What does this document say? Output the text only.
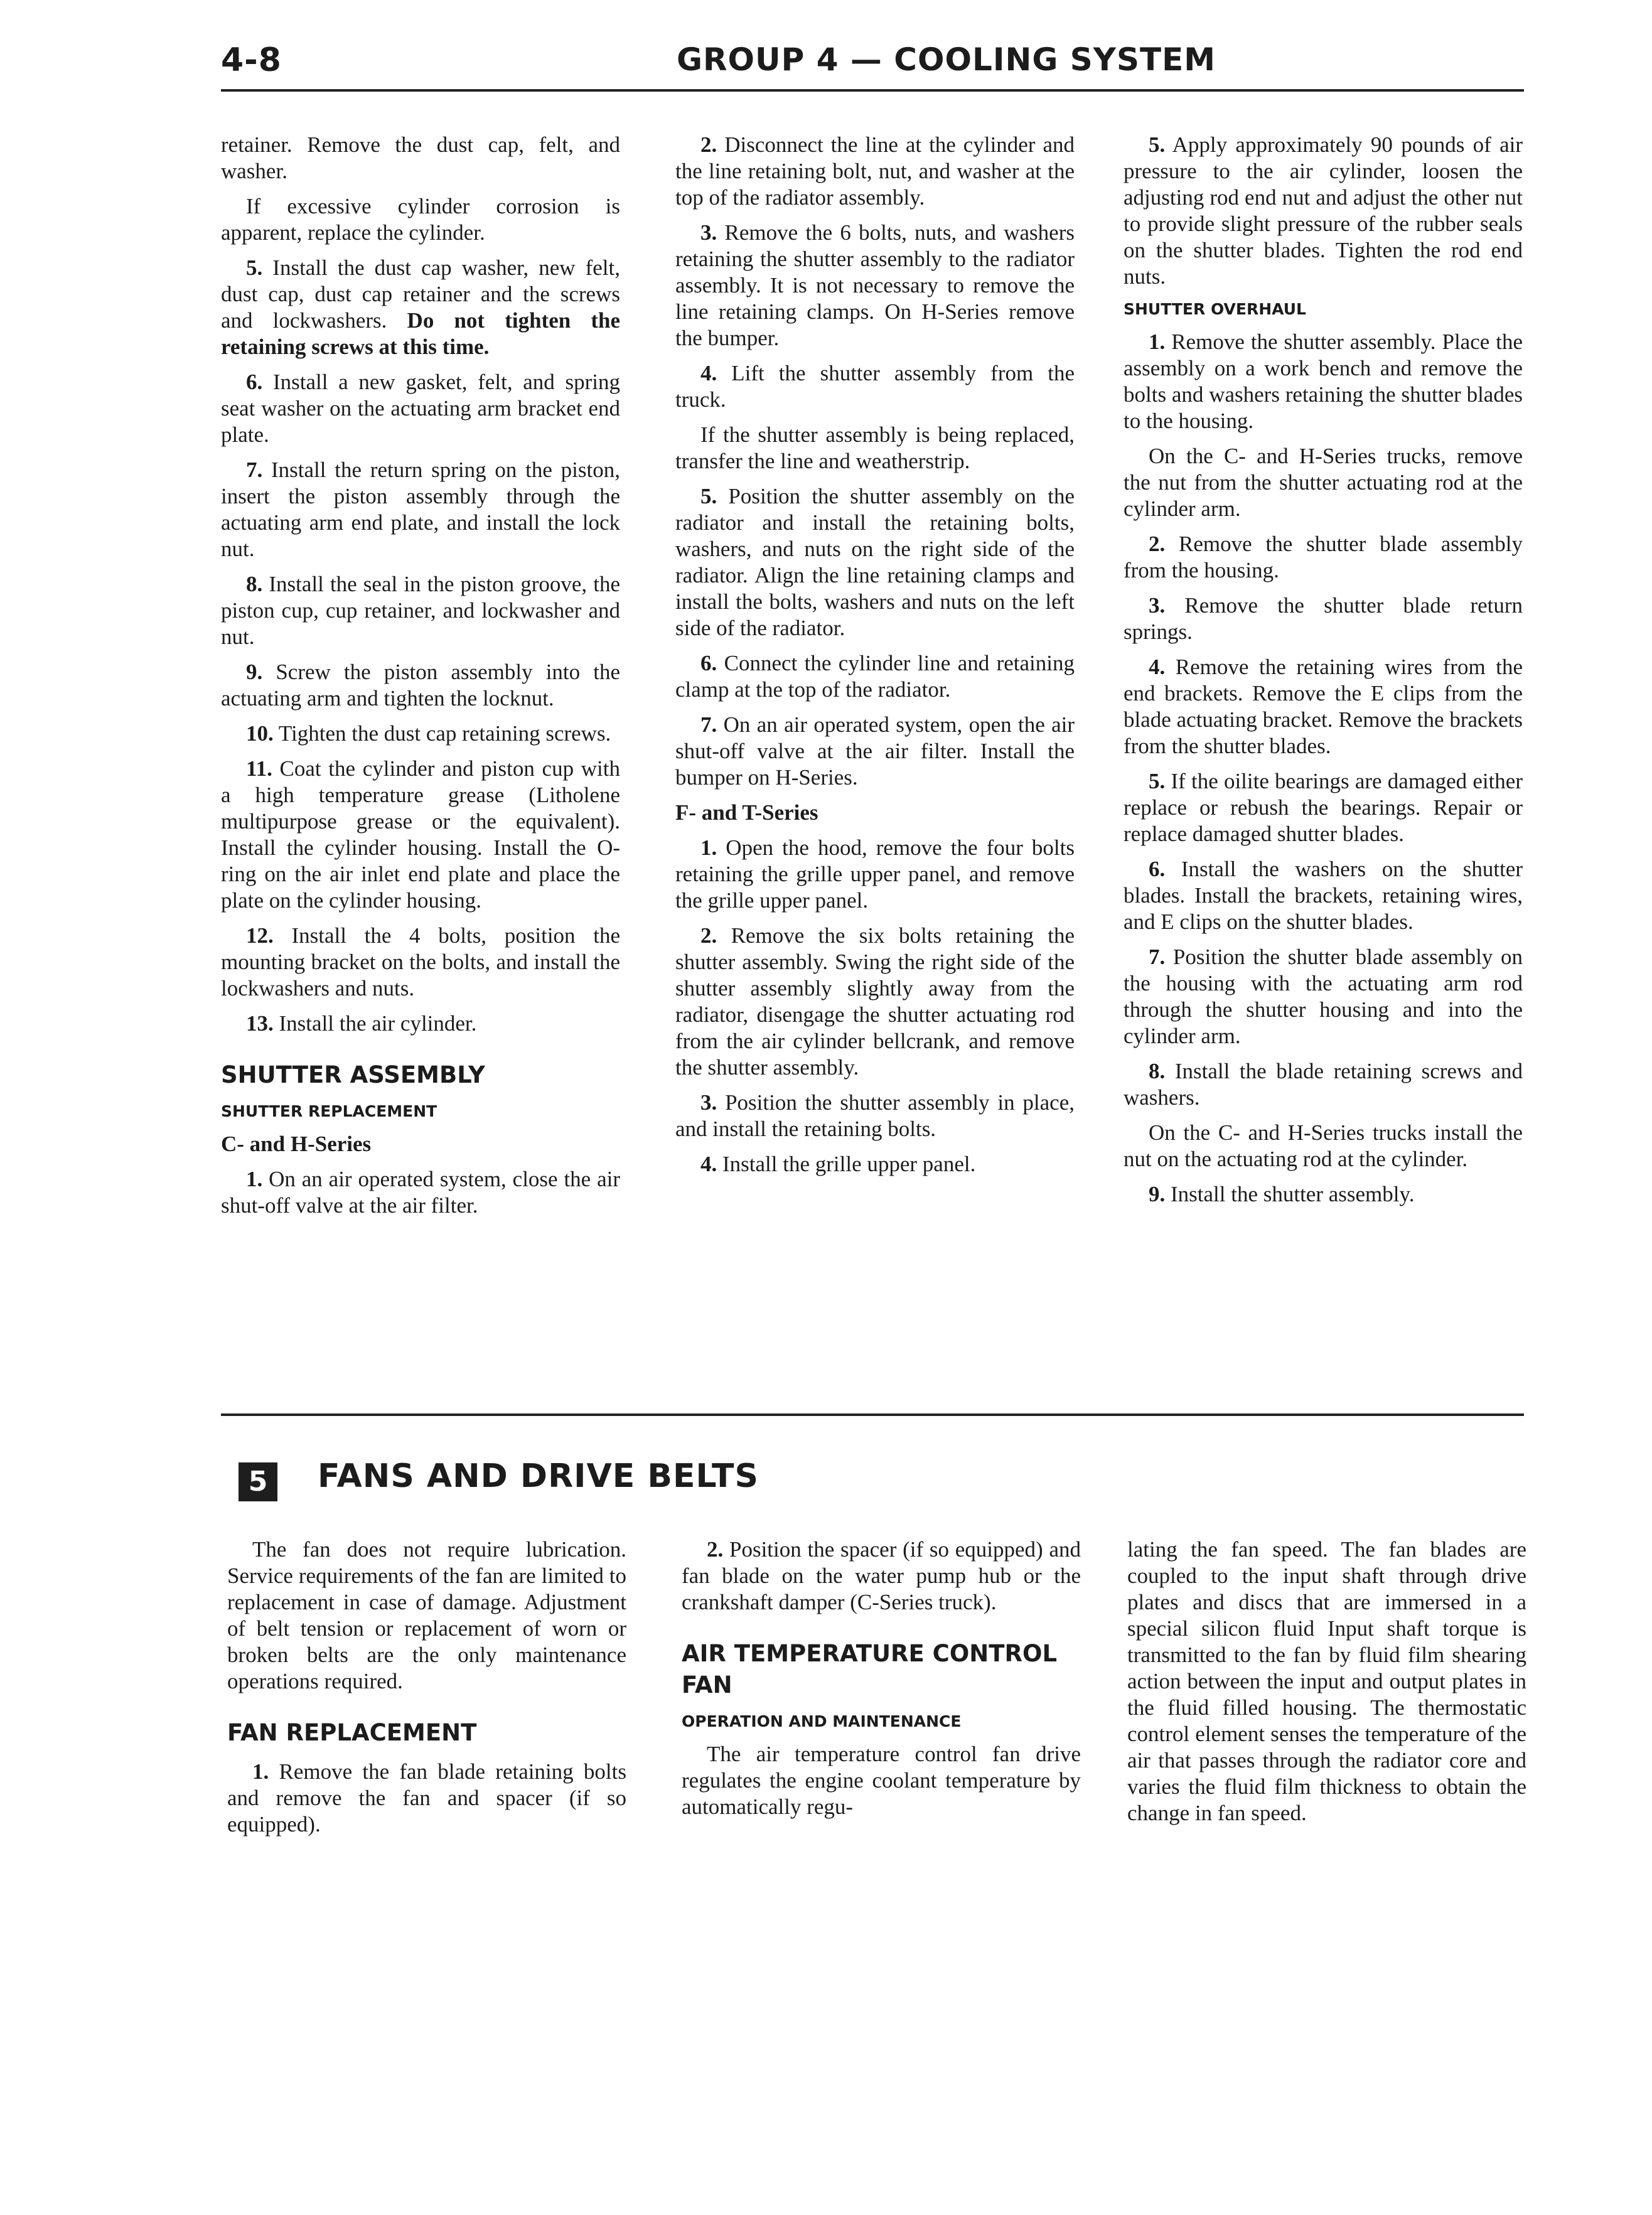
4-8	GROUP 4 — COOLING SYSTEM

retainer. Remove the dust cap, felt, and washer.

If excessive cylinder corrosion is apparent, replace the cylinder.

5. Install the dust cap washer, new felt, dust cap, dust cap retainer and the screws and lockwashers. Do not tighten the retaining screws at this time.

6. Install a new gasket, felt, and spring seat washer on the actuating arm bracket end plate.

7. Install the return spring on the piston, insert the piston assembly through the actuating arm end plate, and install the lock nut.

8. Install the seal in the piston groove, the piston cup, cup retainer, and lockwasher and nut.

9. Screw the piston assembly into the actuating arm and tighten the locknut.

10. Tighten the dust cap retaining screws.

11. Coat the cylinder and piston cup with a high temperature grease (Litholene multipurpose grease or the equivalent). Install the cylinder housing. Install the O-ring on the air inlet end plate and place the plate on the cylinder housing.

12. Install the 4 bolts, position the mounting bracket on the bolts, and install the lockwashers and nuts.

13. Install the air cylinder.

SHUTTER ASSEMBLY
SHUTTER REPLACEMENT

C- and H-Series

1. On an air operated system, close the air shut-off valve at the air filter.

2. Disconnect the line at the cylinder and the line retaining bolt, nut, and washer at the top of the radiator assembly.

3. Remove the 6 bolts, nuts, and washers retaining the shutter assembly to the radiator assembly. It is not necessary to remove the line retaining clamps. On H-Series remove the bumper.

4. Lift the shutter assembly from the truck.

If the shutter assembly is being replaced, transfer the line and weatherstrip.

5. Position the shutter assembly on the radiator and install the retaining bolts, washers, and nuts on the right side of the radiator. Align the line retaining clamps and install the bolts, washers and nuts on the left side of the radiator.

6. Connect the cylinder line and retaining clamp at the top of the radiator.

7. On an air operated system, open the air shut-off valve at the air filter. Install the bumper on H-Series.

F- and T-Series

1. Open the hood, remove the four bolts retaining the grille upper panel, and remove the grille upper panel.

2. Remove the six bolts retaining the shutter assembly. Swing the right side of the shutter assembly slightly away from the radiator, disengage the shutter actuating rod from the air cylinder bellcrank, and remove the shutter assembly.

3. Position the shutter assembly in place, and install the retaining bolts.

4. Install the grille upper panel.

5. Apply approximately 90 pounds of air pressure to the air cylinder, loosen the adjusting rod end nut and adjust the other nut to provide slight pressure of the rubber seals on the shutter blades. Tighten the rod end nuts.

SHUTTER OVERHAUL

1. Remove the shutter assembly. Place the assembly on a work bench and remove the bolts and washers retaining the shutter blades to the housing.

On the C- and H-Series trucks, remove the nut from the shutter actuating rod at the cylinder arm.

2. Remove the shutter blade assembly from the housing.

3. Remove the shutter blade return springs.

4. Remove the retaining wires from the end brackets. Remove the E clips from the blade actuating bracket. Remove the brackets from the shutter blades.

5. If the oilite bearings are damaged either replace or rebush the bearings. Repair or replace damaged shutter blades.

6. Install the washers on the shutter blades. Install the brackets, retaining wires, and E clips on the shutter blades.

7. Position the shutter blade assembly on the housing with the actuating arm rod through the shutter housing and into the cylinder arm.

8. Install the blade retaining screws and washers.

On the C- and H-Series trucks install the nut on the actuating rod at the cylinder.

9. Install the shutter assembly.

5	FANS AND DRIVE BELTS

The fan does not require lubrication. Service requirements of the fan are limited to replacement in case of damage. Adjustment of belt tension or replacement of worn or broken belts are the only maintenance operations required.

FAN REPLACEMENT

1. Remove the fan blade retaining bolts and remove the fan and spacer (if so equipped).

2. Position the spacer (if so equipped) and fan blade on the water pump hub or the crankshaft damper (C-Series truck).

AIR TEMPERATURE CONTROL FAN
OPERATION AND MAINTENANCE

The air temperature control fan drive regulates the engine coolant temperature by automatically regu-

lating the fan speed. The fan blades are coupled to the input shaft through drive plates and discs that are immersed in a special silicon fluid Input shaft torque is transmitted to the fan by fluid film shearing action between the input and output plates in the fluid filled housing. The thermostatic control element senses the temperature of the air that passes through the radiator core and varies the fluid film thickness to obtain the change in fan speed.
